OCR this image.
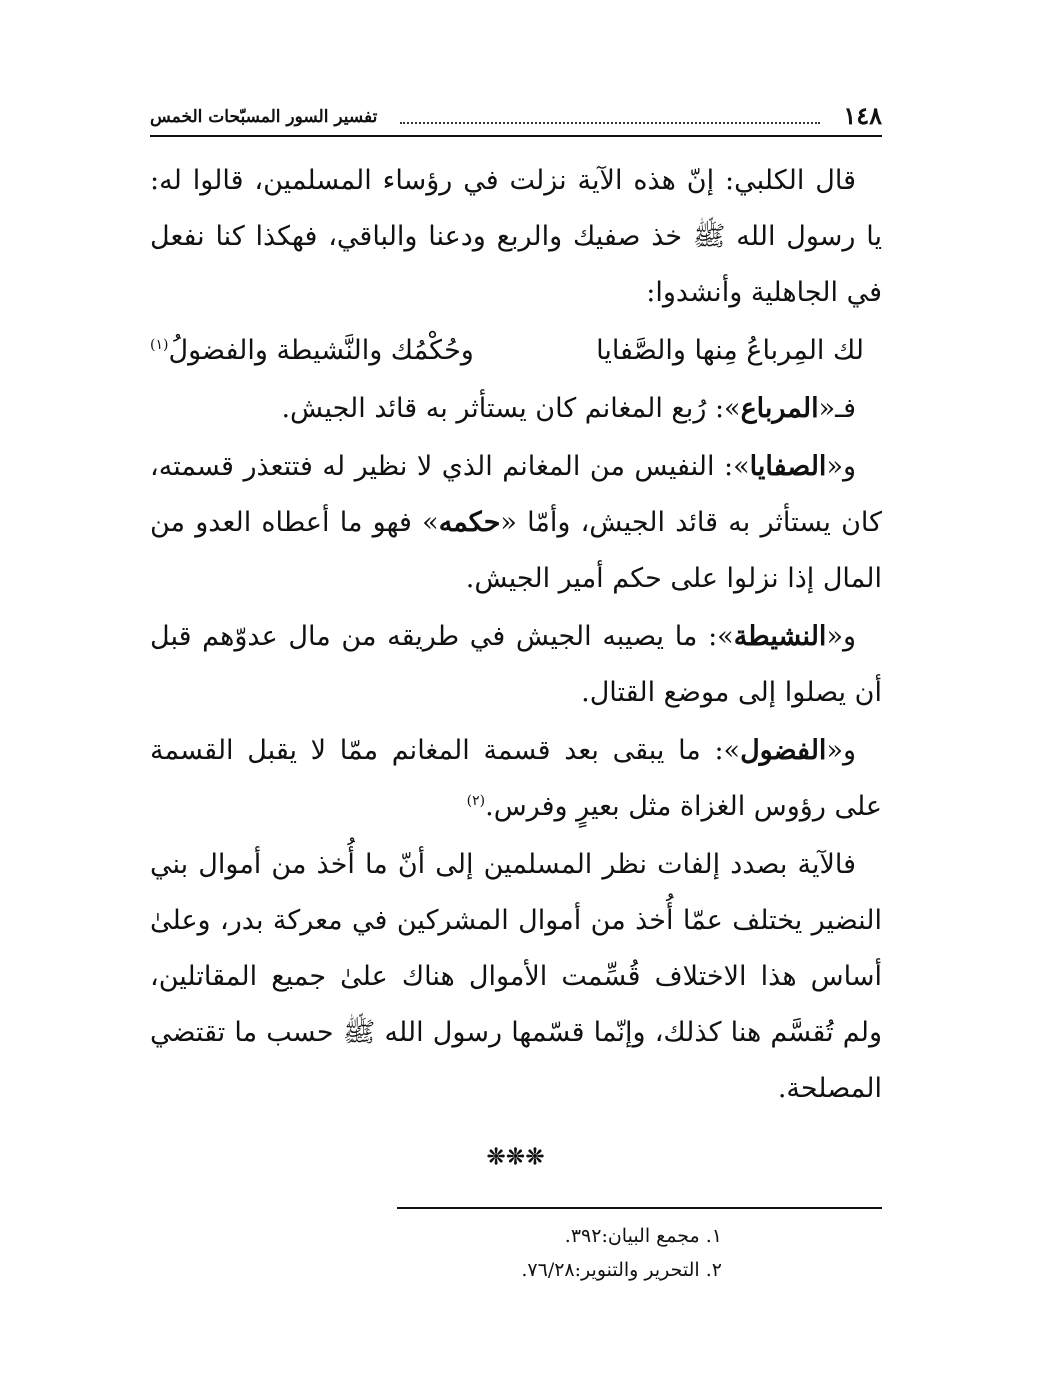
١٤٨
تفسير السور المسبّحات الخمس

قال الكلبي: إنّ هذه الآية نزلت في رؤساء المسلمين، قالوا له: يا رسول الله ﷺ خذ صفيك والربع ودعنا والباقي، فهكذا كنا نفعل في الجاهلية وأنشدوا:

لك المِرباعُ مِنها والصَّفايا
وحُكْمُك والنَّشيطة والفضولُ$^{(١)}$

فـ«المرباع»: رُبع المغانم كان يستأثر به قائد الجيش.

و«الصفايا»: النفيس من المغانم الذي لا نظير له فتتعذر قسمته، كان يستأثر به قائد الجيش، وأمّا «حكمه» فهو ما أعطاه العدو من المال إذا نزلوا على حكم أمير الجيش.

و«النشيطة»: ما يصيبه الجيش في طريقه من مال عدوّهم قبل أن يصلوا إلى موضع القتال.

و«الفضول»: ما يبقى بعد قسمة المغانم ممّا لا يقبل القسمة على رؤوس الغزاة مثل بعيرٍ وفرس.$^{(٢)}$

فالآية بصدد إلفات نظر المسلمين إلى أنّ ما أُخذ من أموال بني النضير يختلف عمّا أُخذ من أموال المشركين في معركة بدر، وعلىٰ أساس هذا الاختلاف قُسِّمت الأموال هناك علىٰ جميع المقاتلين، ولم تُقسَّم هنا كذلك، وإنّما قسّمها رسول الله ﷺ حسب ما تقتضي المصلحة.

❊❊❊
١. مجمع البيان:٣٩٢.
٢. التحرير والتنوير:٧٦/٢٨.
